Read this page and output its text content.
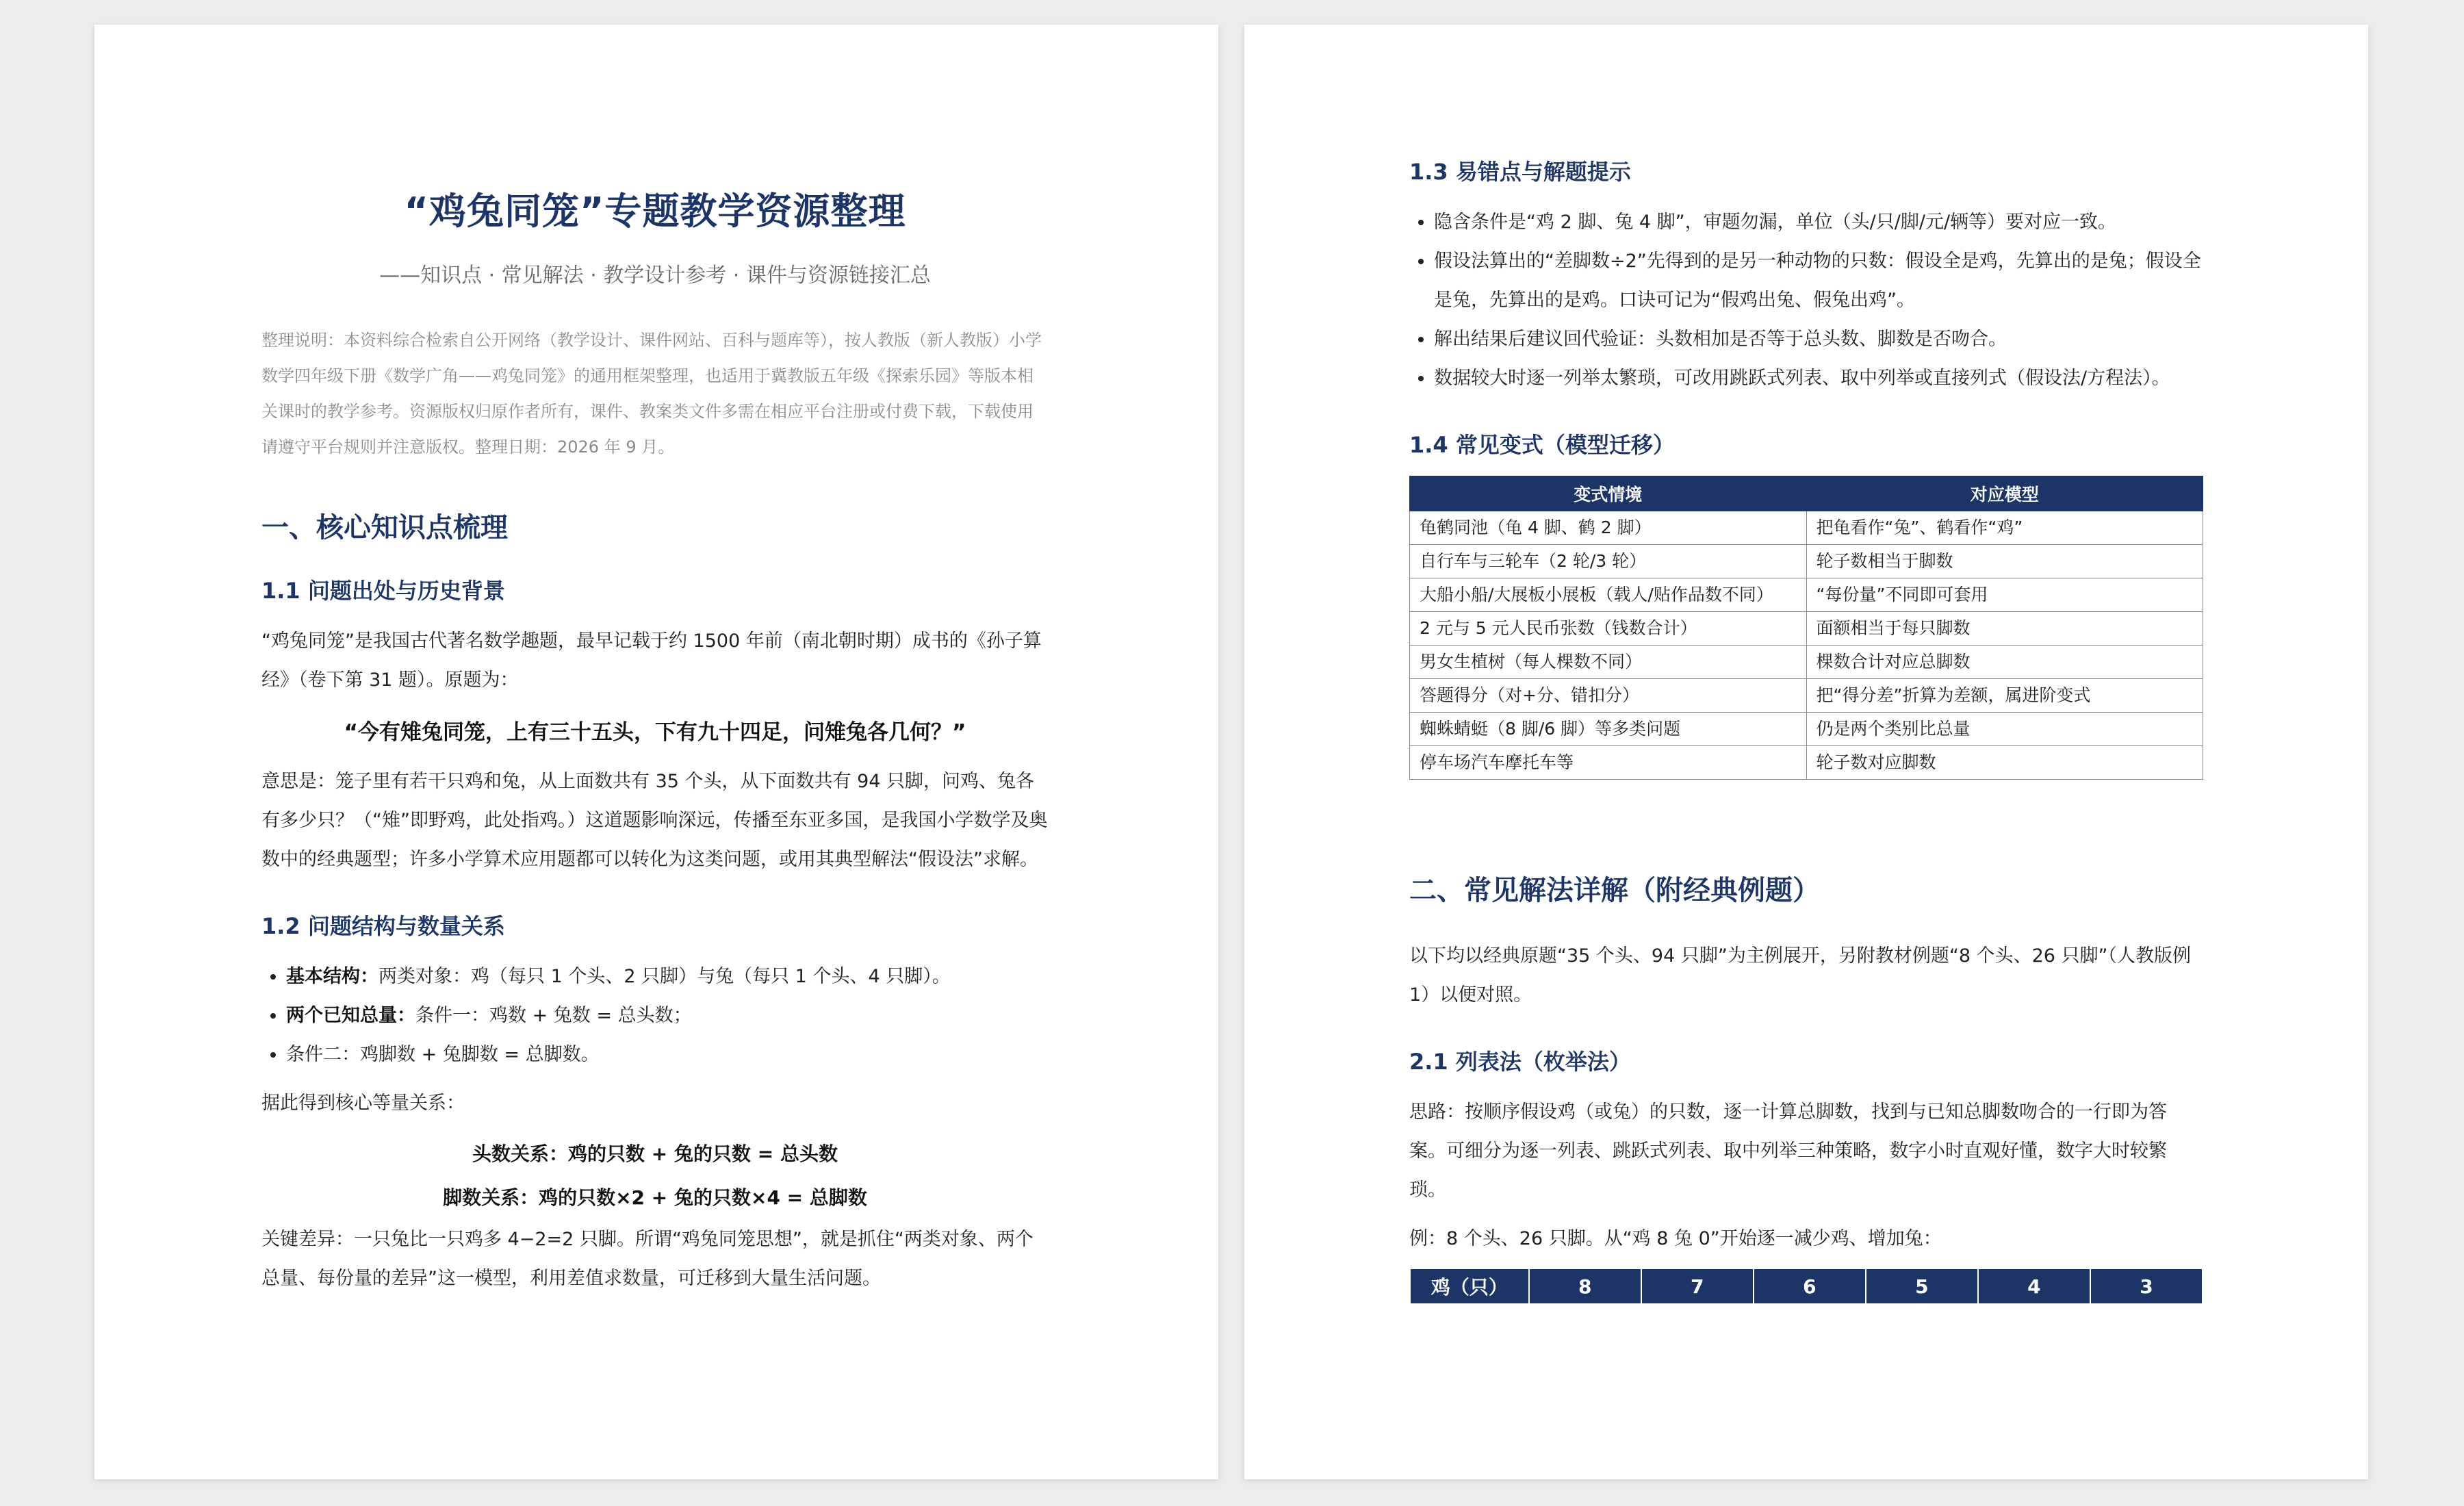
“鸡兔同笼”专题教学资源整理
——知识点 · 常见解法 · 教学设计参考 · 课件与资源链接汇总
整理说明：本资料综合检索自公开网络（教学设计、课件网站、百科与题库等），按人教版（新人教版）小学数学四年级下册《数学广角——鸡兔同笼》的通用框架整理，也适用于冀教版五年级《探索乐园》等版本相关课时的教学参考。资源版权归原作者所有，课件、教案类文件多需在相应平台注册或付费下载，下载使用请遵守平台规则并注意版权。整理日期：2026 年 9 月。
一、核心知识点梳理
1.1 问题出处与历史背景

“鸡兔同笼”是我国古代著名数学趣题，最早记载于约 1500 年前（南北朝时期）成书的《孙子算经》（卷下第 31 题）。原题为：

“今有雉兔同笼，上有三十五头，下有九十四足，问雉兔各几何？”

意思是：笼子里有若干只鸡和兔，从上面数共有 35 个头，从下面数共有 94 只脚，问鸡、兔各有多少只？（“雉”即野鸡，此处指鸡。）这道题影响深远，传播至东亚多国，是我国小学数学及奥数中的经典题型；许多小学算术应用题都可以转化为这类问题，或用其典型解法“假设法”求解。

1.2 问题结构与数量关系
• 基本结构：两类对象：鸡（每只 1 个头、2 只脚）与兔（每只 1 个头、4 只脚）。
• 两个已知总量：条件一：鸡数 + 兔数 = 总头数；
• 条件二：鸡脚数 + 兔脚数 = 总脚数。

据此得到核心等量关系：

头数关系：鸡的只数 + 兔的只数 = 总头数
脚数关系：鸡的只数×2 + 兔的只数×4 = 总脚数

关键差异：一只兔比一只鸡多 4−2=2 只脚。所谓“鸡兔同笼思想”，就是抓住“两类对象、两个总量、每份量的差异”这一模型，利用差值求数量，可迁移到大量生活问题。

1.3 易错点与解题提示
• 隐含条件是“鸡 2 脚、兔 4 脚”，审题勿漏，单位（头/只/脚/元/辆等）要对应一致。
• 假设法算出的“差脚数÷2”先得到的是另一种动物的只数：假设全是鸡，先算出的是兔；假设全是兔，先算出的是鸡。口诀可记为“假鸡出兔、假兔出鸡”。
• 解出结果后建议回代验证：头数相加是否等于总头数、脚数是否吻合。
• 数据较大时逐一列举太繁琐，可改用跳跃式列表、取中列举或直接列式（假设法/方程法）。
1.4 常见变式（模型迁移）
变式情境	对应模型
龟鹤同池（龟 4 脚、鹤 2 脚）	把龟看作“兔”、鹤看作“鸡”
自行车与三轮车（2 轮/3 轮）	轮子数相当于脚数
大船小船/大展板小展板（载人/贴作品数不同）	“每份量”不同即可套用
2 元与 5 元人民币张数（钱数合计）	面额相当于每只脚数
男女生植树（每人棵数不同）	棵数合计对应总脚数
答题得分（对+分、错扣分）	把“得分差”折算为差额，属进阶变式
蜘蛛蜻蜓（8 脚/6 脚）等多类问题	仍是两个类别比总量
停车场汽车摩托车等	轮子数对应脚数
二、常见解法详解（附经典例题）

以下均以经典原题“35 个头、94 只脚”为主例展开，另附教材例题“8 个头、26 只脚”（人教版例 1）以便对照。

2.1 列表法（枚举法）

思路：按顺序假设鸡（或兔）的只数，逐一计算总脚数，找到与已知总脚数吻合的一行即为答案。可细分为逐一列表、跳跃式列表、取中列举三种策略，数字小时直观好懂，数字大时较繁琐。

例：8 个头、26 只脚。从“鸡 8 兔 0”开始逐一减少鸡、增加兔：

鸡（只）	8	7	6	5	4	3
